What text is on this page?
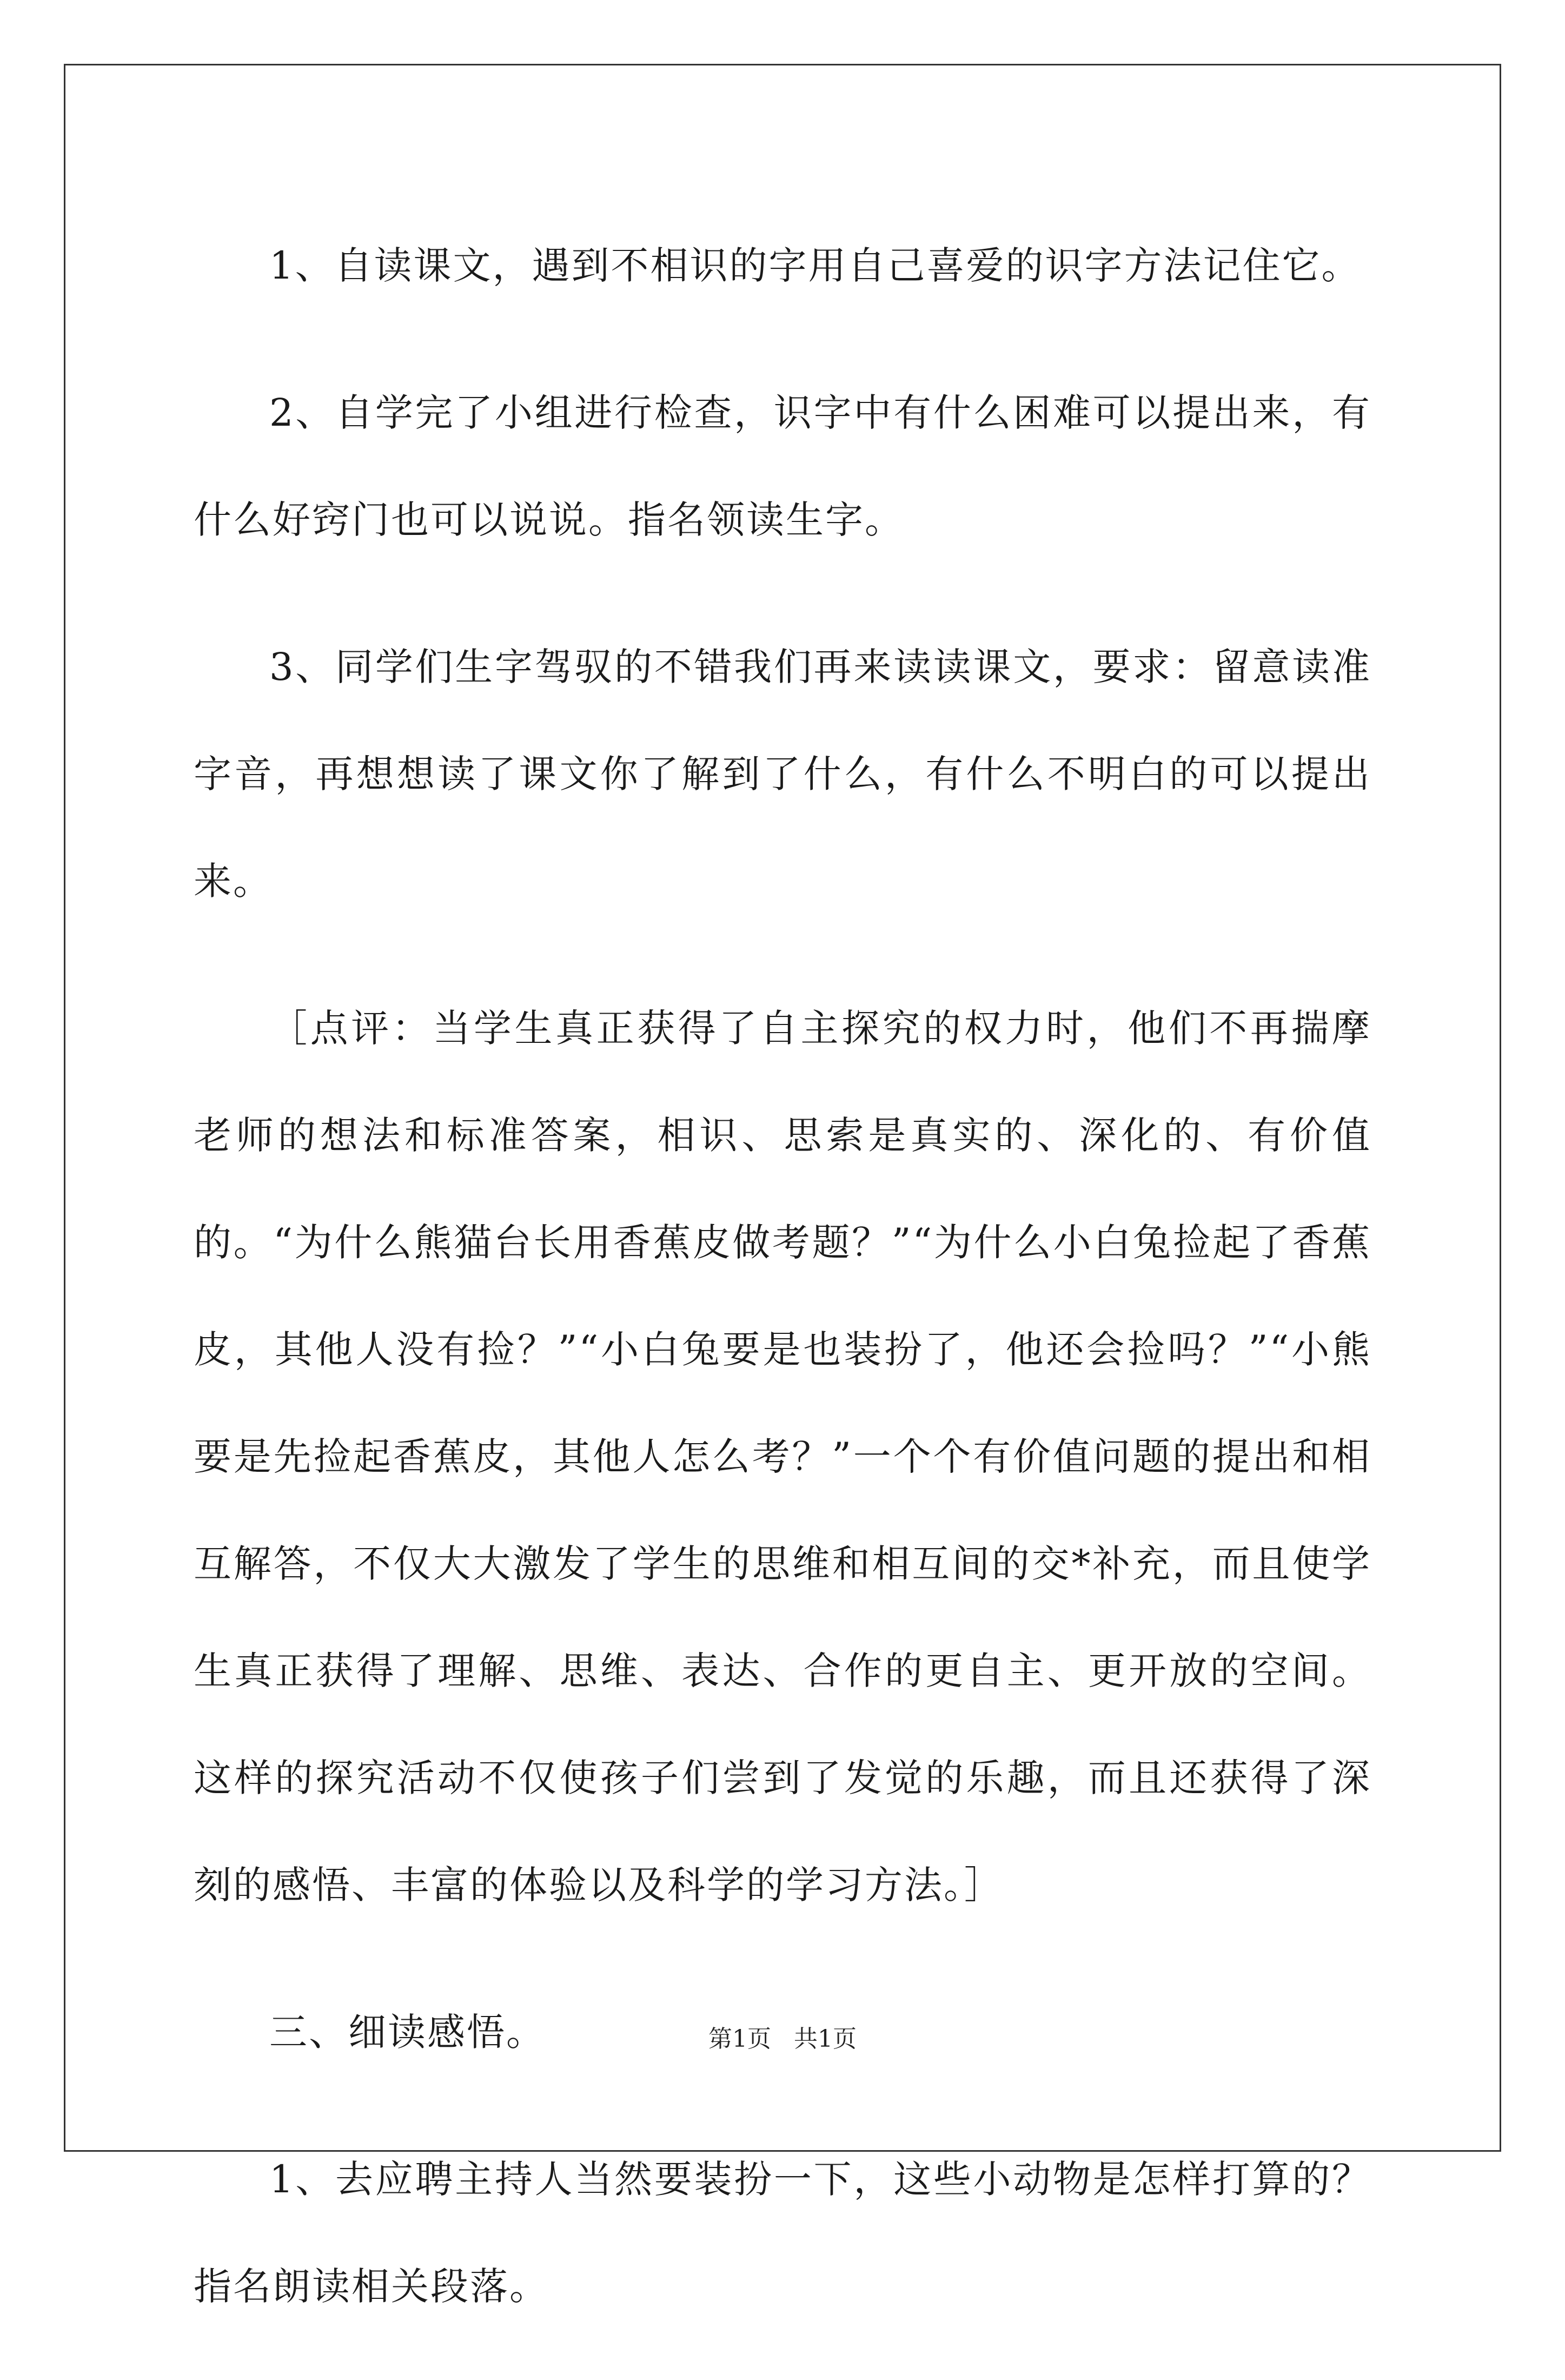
1、自读课文，遇到不相识的字用自己喜爱的识字方法记住它。

2、自学完了小组进行检查，识字中有什么困难可以提出来，有什么好窍门也可以说说。指名领读生字。

3、同学们生字驾驭的不错我们再来读读课文，要求：留意读准字音，再想想读了课文你了解到了什么，有什么不明白的可以提出来。

［点评：当学生真正获得了自主探究的权力时，他们不再揣摩老师的想法和标准答案，相识、思索是真实的、深化的、有价值的。“为什么熊猫台长用香蕉皮做考题？”“为什么小白兔捡起了香蕉皮，其他人没有捡？”“小白兔要是也装扮了，他还会捡吗？”“小熊要是先捡起香蕉皮，其他人怎么考？”一个个有价值问题的提出和相互解答，不仅大大激发了学生的思维和相互间的交*补充，而且使学生真正获得了理解、思维、表达、合作的更自主、更开放的空间。这样的探究活动不仅使孩子们尝到了发觉的乐趣，而且还获得了深刻的感悟、丰富的体验以及科学的学习方法。］

三、细读感悟。

1、去应聘主持人当然要装扮一下，这些小动物是怎样打算的？指名朗读相关段落。

第1页 共1页
